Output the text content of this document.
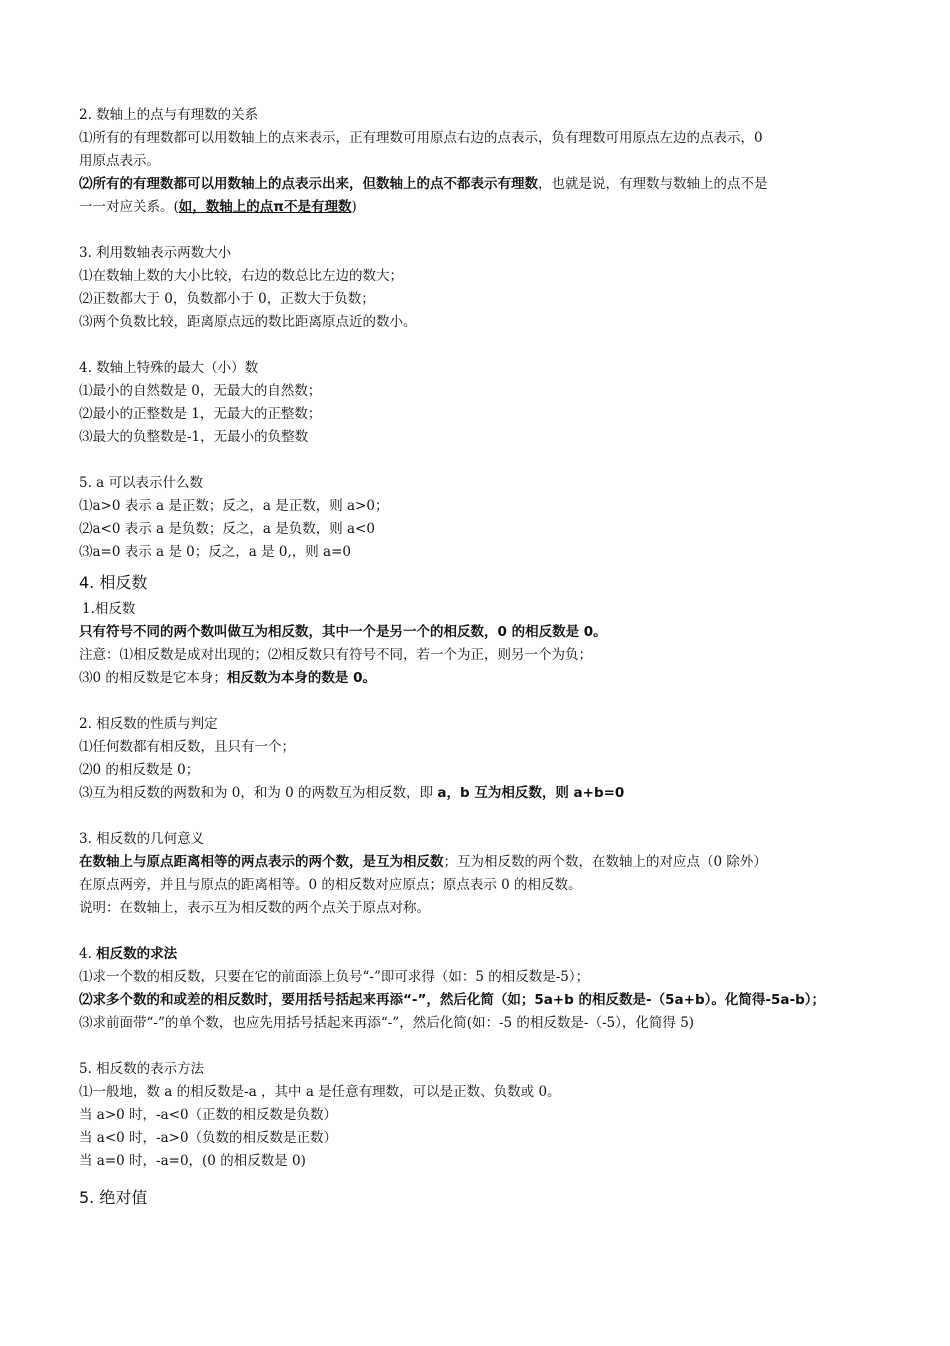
2. 数轴上的点与有理数的关系
⑴所有的有理数都可以用数轴上的点来表示，正有理数可用原点右边的点表示，负有理数可用原点左边的点表示，0
用原点表示。
⑵所有的有理数都可以用数轴上的点表示出来，但数轴上的点不都表示有理数，也就是说，有理数与数轴上的点不是
一一对应关系。(如，数轴上的点π不是有理数)
3. 利用数轴表示两数大小
⑴在数轴上数的大小比较，右边的数总比左边的数大；
⑵正数都大于 0，负数都小于 0，正数大于负数；
⑶两个负数比较，距离原点远的数比距离原点近的数小。
4. 数轴上特殊的最大（小）数
⑴最小的自然数是 0，无最大的自然数；
⑵最小的正整数是 1，无最大的正整数；
⑶最大的负整数是-1，无最小的负整数
5. a 可以表示什么数
⑴a>0 表示 a 是正数；反之，a 是正数，则 a>0；
⑵a<0 表示 a 是负数；反之，a 是负数，则 a<0
⑶a=0 表示 a 是 0；反之，a 是 0,，则 a=0
4. 相反数
1.相反数
只有符号不同的两个数叫做互为相反数，其中一个是另一个的相反数，0 的相反数是 0。
注意：⑴相反数是成对出现的；⑵相反数只有符号不同，若一个为正，则另一个为负；
⑶0 的相反数是它本身；相反数为本身的数是 0。
2. 相反数的性质与判定
⑴任何数都有相反数，且只有一个；
⑵0 的相反数是 0；
⑶互为相反数的两数和为 0，和为 0 的两数互为相反数，即 a，b 互为相反数，则 a+b=0
3. 相反数的几何意义
在数轴上与原点距离相等的两点表示的两个数，是互为相反数；互为相反数的两个数，在数轴上的对应点（0 除外）
在原点两旁，并且与原点的距离相等。0 的相反数对应原点；原点表示 0 的相反数。
说明：在数轴上，表示互为相反数的两个点关于原点对称。
4. 相反数的求法
⑴求一个数的相反数，只要在它的前面添上负号“-”即可求得（如：5 的相反数是-5）；
⑵求多个数的和或差的相反数时，要用括号括起来再添“-”，然后化简（如；5a+b 的相反数是-（5a+b）。化简得-5a-b）；
⑶求前面带“-”的单个数，也应先用括号括起来再添“-”，然后化简(如：-5 的相反数是-（-5），化简得 5)
5. 相反数的表示方法
⑴一般地，数 a 的相反数是-a ，其中 a 是任意有理数，可以是正数、负数或 0。
当 a>0 时，-a<0（正数的相反数是负数）
当 a<0 时，-a>0（负数的相反数是正数）
当 a=0 时，-a=0，(0 的相反数是 0)
5. 绝对值
